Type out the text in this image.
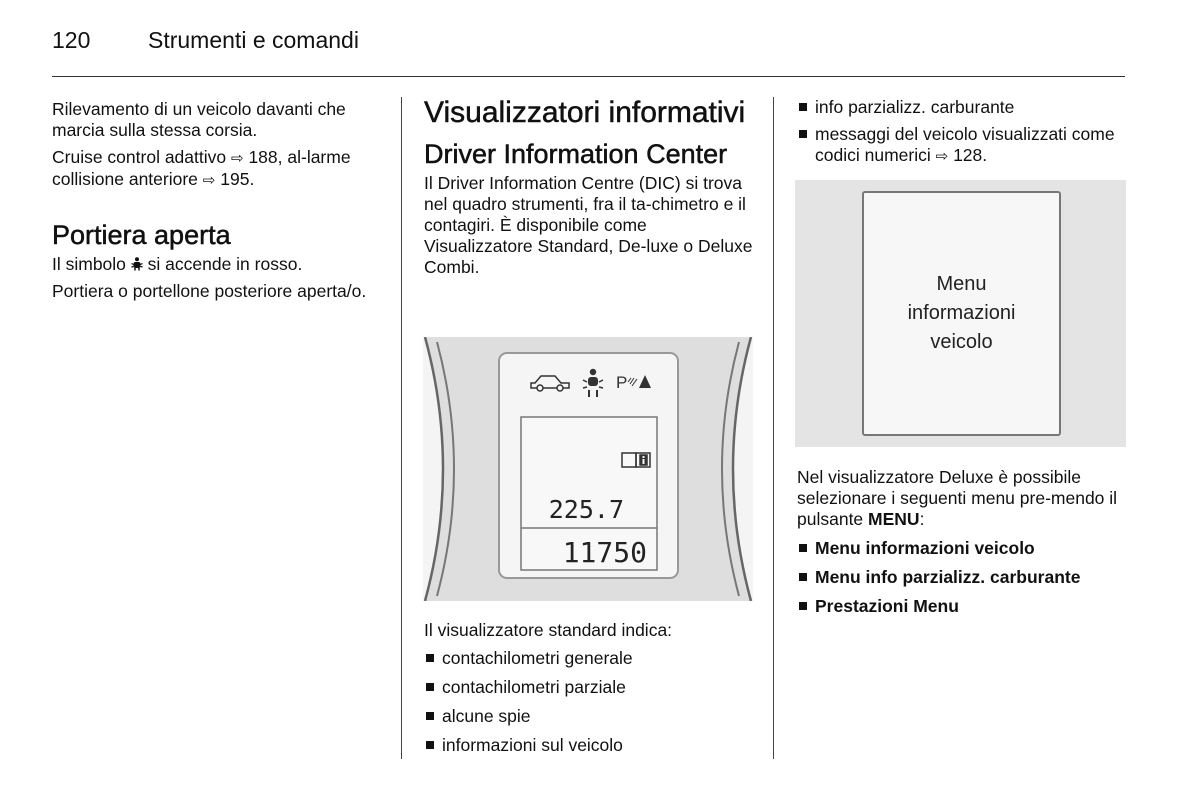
120	Strumenti e comandi

Rilevamento di un veicolo davanti che marcia sulla stessa corsia.

Cruise control adattivo ⇨ 188, al-larme collisione anteriore ⇨ 195.

Portiera aperta

Il simbolo  si accende in rosso.

Portiera o portellone posteriore aperta/o.

Visualizzatori informativi
Driver Information Center

Il Driver Information Centre (DIC) si trova nel quadro strumenti, fra il ta-chimetro e il contagiri. È disponibile come Visualizzatore Standard, De-luxe o Deluxe Combi.

P
225.7
11750

Il visualizzatore standard indica:

contachilometri generale
contachilometri parziale
alcune spie
informazioni sul veicolo
info parzializz. carburante
messaggi del veicolo visualizzati come codici numerici ⇨ 128.
Menu informazioni veicolo

Nel visualizzatore Deluxe è possibile selezionare i seguenti menu pre-mendo il pulsante MENU:

Menu informazioni veicolo
Menu info parzializz. carburante
Prestazioni Menu
